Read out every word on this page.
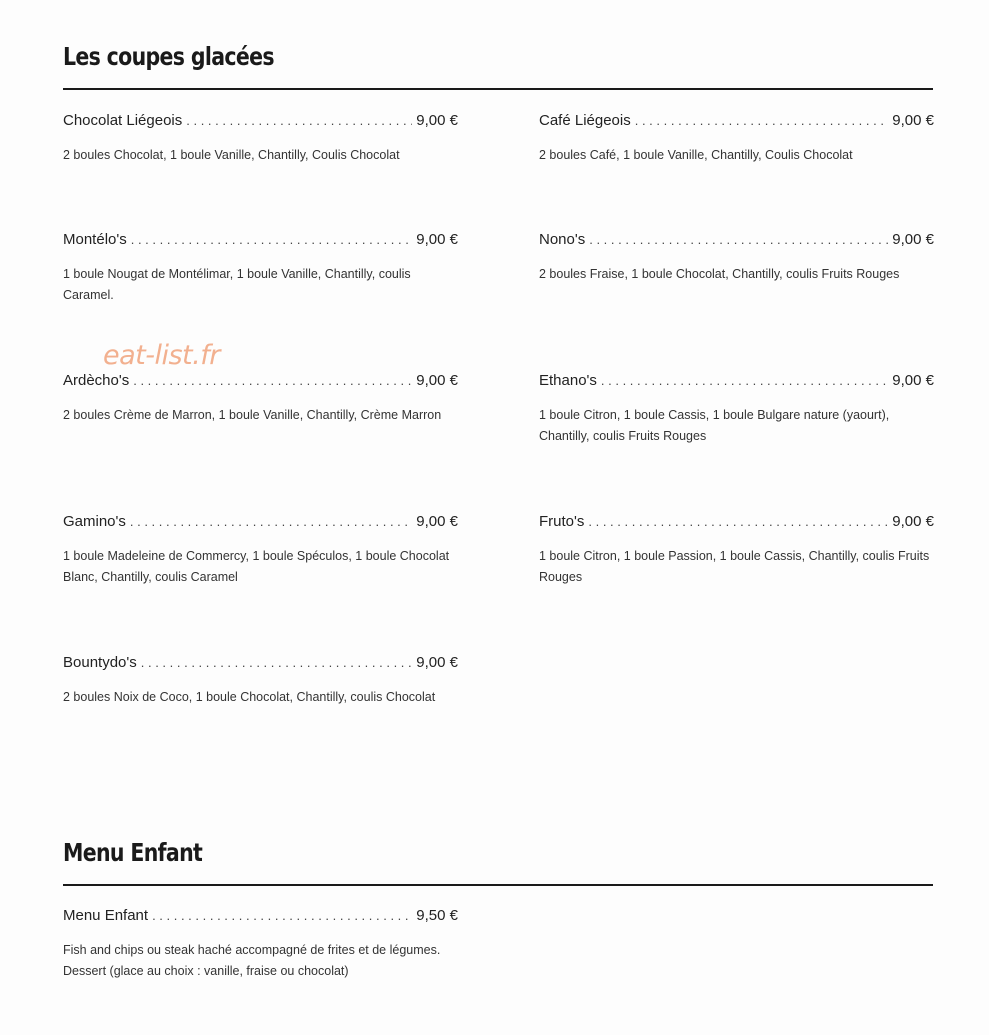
Les coupes glacées
Chocolat Liégeois . . .	9,00 €

2 boules Chocolat, 1 boule Vanille, Chantilly, Coulis Chocolat

Café Liégeois . . .	9,00 €

2 boules Café, 1 boule Vanille, Chantilly, Coulis Chocolat

Montélo's . . .	9,00 €

1 boule Nougat de Montélimar, 1 boule Vanille, Chantilly, coulis Caramel.

Nono's . . .	9,00 €

2 boules Fraise, 1 boule Chocolat, Chantilly, coulis Fruits Rouges

Ardècho's . . .	9,00 €

2 boules Crème de Marron, 1 boule Vanille, Chantilly, Crème Marron

Ethano's . . .	9,00 €

1 boule Citron, 1 boule Cassis, 1 boule Bulgare nature (yaourt), Chantilly, coulis Fruits Rouges

Gamino's . . .	9,00 €

1 boule Madeleine de Commercy, 1 boule Spéculos, 1 boule Chocolat Blanc, Chantilly, coulis Caramel

Fruto's . . .	9,00 €

1 boule Citron, 1 boule Passion, 1 boule Cassis, Chantilly, coulis Fruits Rouges

Bountydo's . . .	9,00 €

2 boules Noix de Coco, 1 boule Chocolat, Chantilly, coulis Chocolat

Menu Enfant
Menu Enfant . . .	9,50 €

Fish and chips ou steak haché accompagné de frites et de légumes. Dessert (glace au choix : vanille, fraise ou chocolat)

eat-list.fr
